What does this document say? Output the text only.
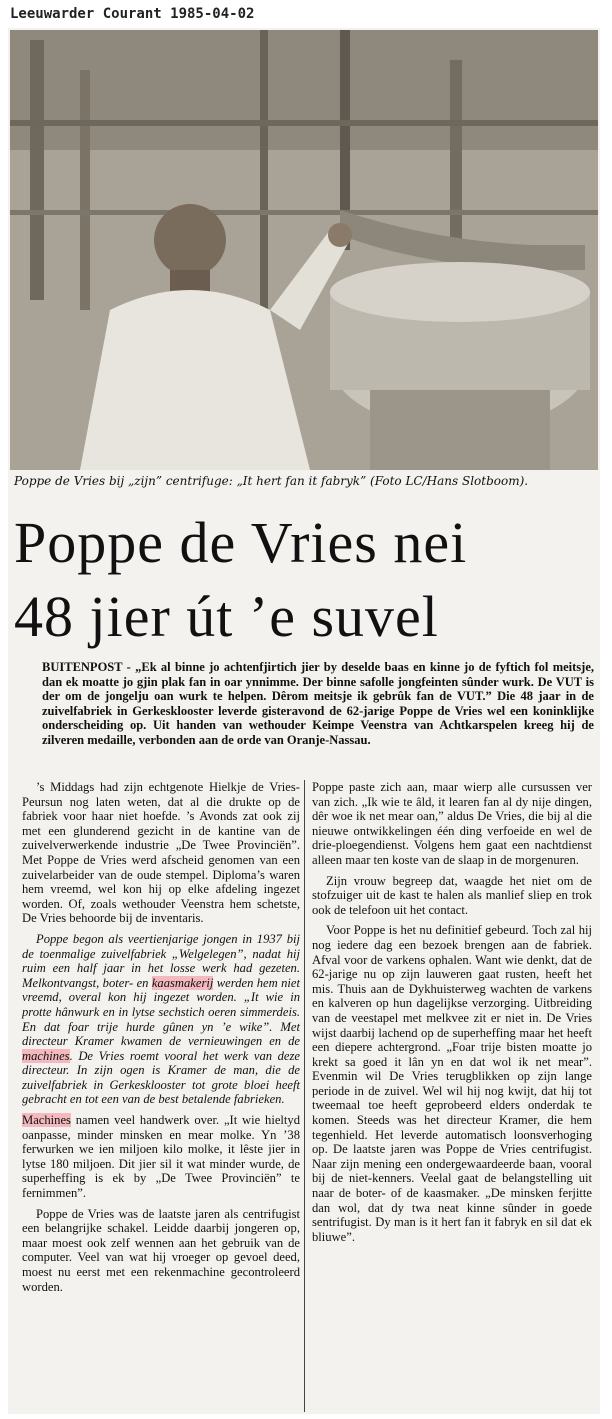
Leeuwarder Courant 1985-04-02
Poppe de Vries bij „zijn” centrifuge: „It hert fan it fabryk” (Foto LC/Hans Slotboom).
Poppe de Vries nei
48 jier út ’e suvel
BUITENPOST - „Ek al binne jo achtenfjirtich jier by deselde baas en kinne jo de fyftich fol meitsje, dan ek moatte jo gjin plak fan in oar ynnimme. Der binne safolle jongfeinten sûnder wurk. De VUT is der om de jongelju oan wurk te helpen. Dêrom meitsje ik gebrûk fan de VUT.” Die 48 jaar in de zuivelfabriek in Gerkesklooster leverde gisteravond de 62-jarige Poppe de Vries wel een koninklijke onderscheiding op. Uit handen van wethouder Keimpe Veenstra van Achtkarspelen kreeg hij de zilveren medaille, verbonden aan de orde van Oranje-Nassau.

’s Middags had zijn echtgenote Hielkje de Vries-Peursun nog laten weten, dat al die drukte op de fabriek voor haar niet hoefde. ’s Avonds zat ook zij met een glunderend gezicht in de kantine van de zuivelverwerkende industrie „De Twee Provinciën”. Met Poppe de Vries werd afscheid genomen van een zuivelarbeider van de oude stempel. Diploma’s waren hem vreemd, wel kon hij op elke afdeling ingezet worden. Of, zoals wethouder Veenstra hem schetste, De Vries behoorde bij de inventaris.

Poppe begon als veertienjarige jongen in 1937 bij de toenmalige zuivelfabriek „Welgelegen”, nadat hij ruim een half jaar in het losse werk had gezeten. Melkontvangst, boter- en kaasmakerij werden hem niet vreemd, overal kon hij ingezet worden. „It wie in protte hânwurk en in lytse sechstich oeren simmerdeis. En dat foar trije hurde gûnen yn ’e wike”. Met directeur Kramer kwamen de vernieuwingen en de machines. De Vries roemt vooral het werk van deze directeur. In zijn ogen is Kramer de man, die de zuivelfabriek in Gerkesklooster tot grote bloei heeft gebracht en tot een van de best betalende fabrieken.

Machines namen veel handwerk over. „It wie hieltyd oanpasse, minder minsken en mear molke. Yn ’38 ferwurken we ien miljoen kilo molke, it lêste jier in lytse 180 miljoen. Dit jier sil it wat minder wurde, de superheffing is ek by „De Twee Provinciën” te fernimmen”.

Poppe de Vries was de laatste jaren als centrifugist een belangrijke schakel. Leidde daarbij jongeren op, maar moest ook zelf wennen aan het gebruik van de computer. Veel van wat hij vroeger op gevoel deed, moest nu eerst met een rekenmachine gecontroleerd worden.

Poppe paste zich aan, maar wierp alle cursussen ver van zich. „Ik wie te âld, it learen fan al dy nije dingen, dêr woe ik net mear oan,” aldus De Vries, die bij al die nieuwe ontwikkelingen één ding verfoeide en wel de drie-ploegendienst. Volgens hem gaat een nachtdienst alleen maar ten koste van de slaap in de morgenuren.

Zijn vrouw begreep dat, waagde het niet om de stofzuiger uit de kast te halen als manlief sliep en trok ook de telefoon uit het contact.

Voor Poppe is het nu definitief gebeurd. Toch zal hij nog iedere dag een bezoek brengen aan de fabriek. Afval voor de varkens ophalen. Want wie denkt, dat de 62-jarige nu op zijn lauweren gaat rusten, heeft het mis. Thuis aan de Dykhuisterweg wachten de varkens en kalveren op hun dagelijkse verzorging. Uitbreiding van de veestapel met melkvee zit er niet in. De Vries wijst daarbij lachend op de superheffing maar het heeft een diepere achtergrond. „Foar trije bisten moatte jo krekt sa goed it lân yn en dat wol ik net mear”. Evenmin wil De Vries terugblikken op zijn lange periode in de zuivel. Wel wil hij nog kwijt, dat hij tot tweemaal toe heeft geprobeerd elders onderdak te komen. Steeds was het directeur Kramer, die hem tegenhield. Het leverde automatisch loonsverhoging op. De laatste jaren was Poppe de Vries centrifugist. Naar zijn mening een ondergewaardeerde baan, vooral bij de niet-kenners. Veelal gaat de belangstelling uit naar de boter- of de kaasmaker. „De minsken ferjitte dan wol, dat dy twa neat kinne sûnder in goede sentrifugist. Dy man is it hert fan it fabryk en sil dat ek bliuwe”.
